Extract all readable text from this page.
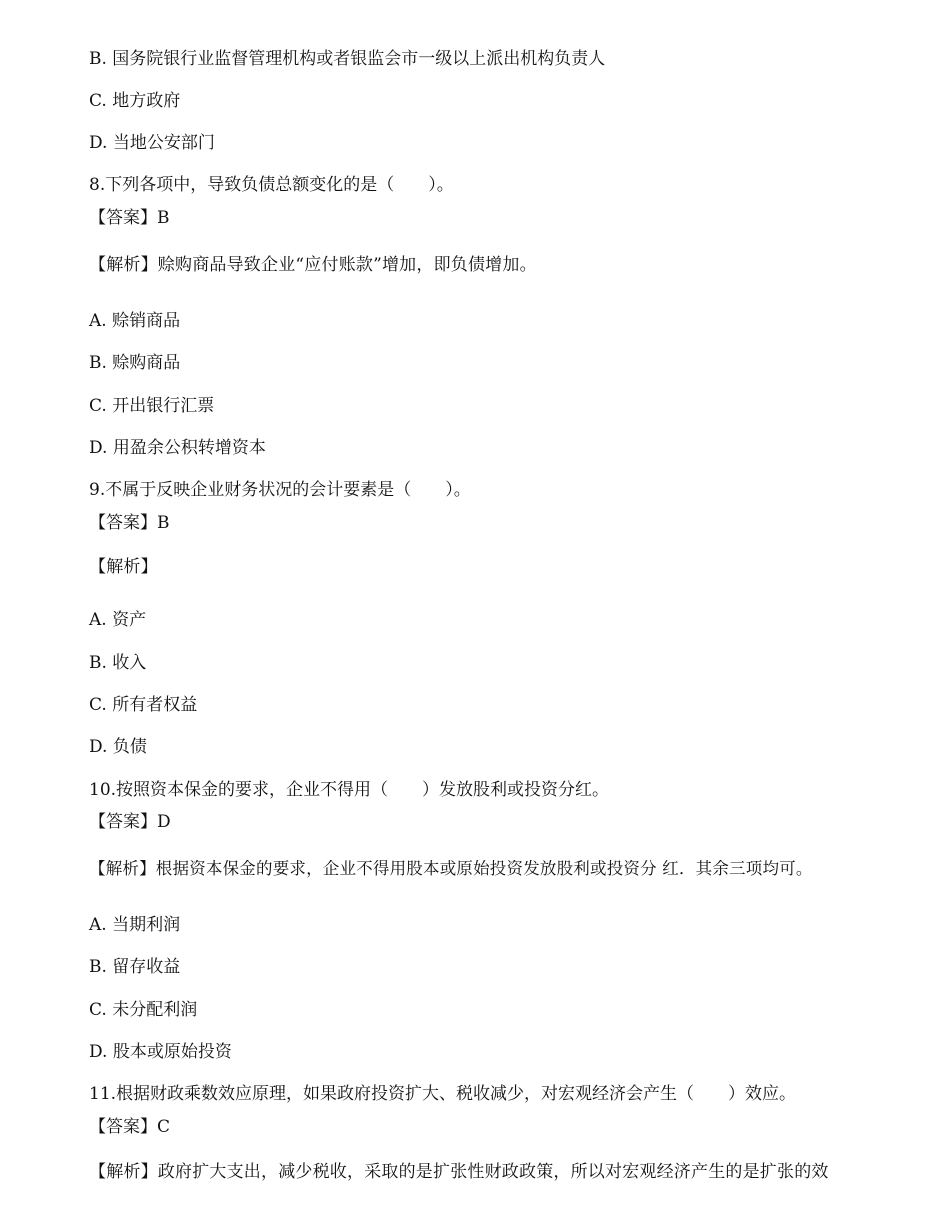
B. 国务院银行业监督管理机构或者银监会市一级以上派出机构负责人
C. 地方政府
D. 当地公安部门
8.下列各项中，导致负债总额变化的是（　　）。
【答案】B
【解析】赊购商品导致企业“应付账款”增加，即负债增加。
A. 赊销商品
B. 赊购商品
C. 开出银行汇票
D. 用盈余公积转增资本
9.不属于反映企业财务状况的会计要素是（　　）。
【答案】B
【解析】
A. 资产
B. 收入
C. 所有者权益
D. 负债
10.按照资本保金的要求，企业不得用（　　）发放股利或投资分红。
【答案】D
【解析】根据资本保金的要求，企业不得用股本或原始投资发放股利或投资分 红．其余三项均可。
A. 当期利润
B. 留存收益
C. 未分配利润
D. 股本或原始投资
11.根据财政乘数效应原理，如果政府投资扩大、税收减少，对宏观经济会产生（　　）效应。
【答案】C
【解析】政府扩大支出，减少税收，采取的是扩张性财政政策，所以对宏观经济产生的是扩张的效
